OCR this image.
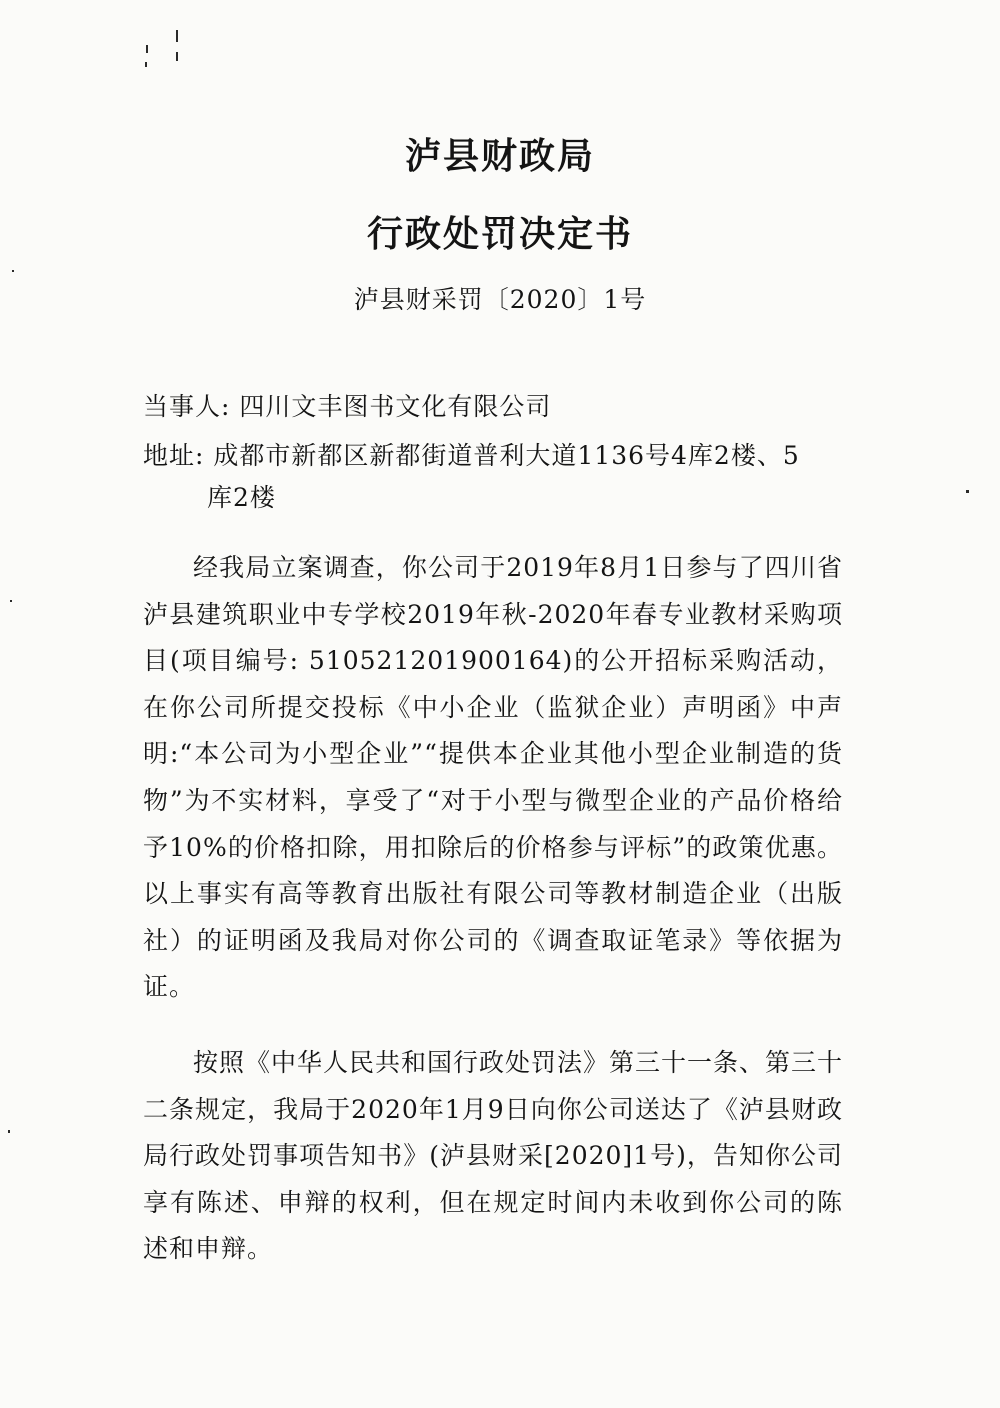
泸县财政局
行政处罚决定书
泸县财采罚〔2020〕1号
当事人: 四川文丰图书文化有限公司
地址: 成都市新都区新都街道普利大道1136号4库2楼、5
库2楼

经我局立案调查，你公司于2019年8月1日参与了四川省泸县建筑职业中专学校2019年秋-2020年春专业教材采购项目(项目编号: 510521201900164)的公开招标采购活动，在你公司所提交投标《中小企业（监狱企业）声明函》中声明:“本公司为小型企业”“提供本企业其他小型企业制造的货物”为不实材料，享受了“对于小型与微型企业的产品价格给予10%的价格扣除，用扣除后的价格参与评标”的政策优惠。以上事实有高等教育出版社有限公司等教材制造企业（出版社）的证明函及我局对你公司的《调查取证笔录》等依据为证。

按照《中华人民共和国行政处罚法》第三十一条、第三十二条规定，我局于2020年1月9日向你公司送达了《泸县财政局行政处罚事项告知书》(泸县财采[2020]1号)，告知你公司享有陈述、申辩的权利，但在规定时间内未收到你公司的陈述和申辩。
